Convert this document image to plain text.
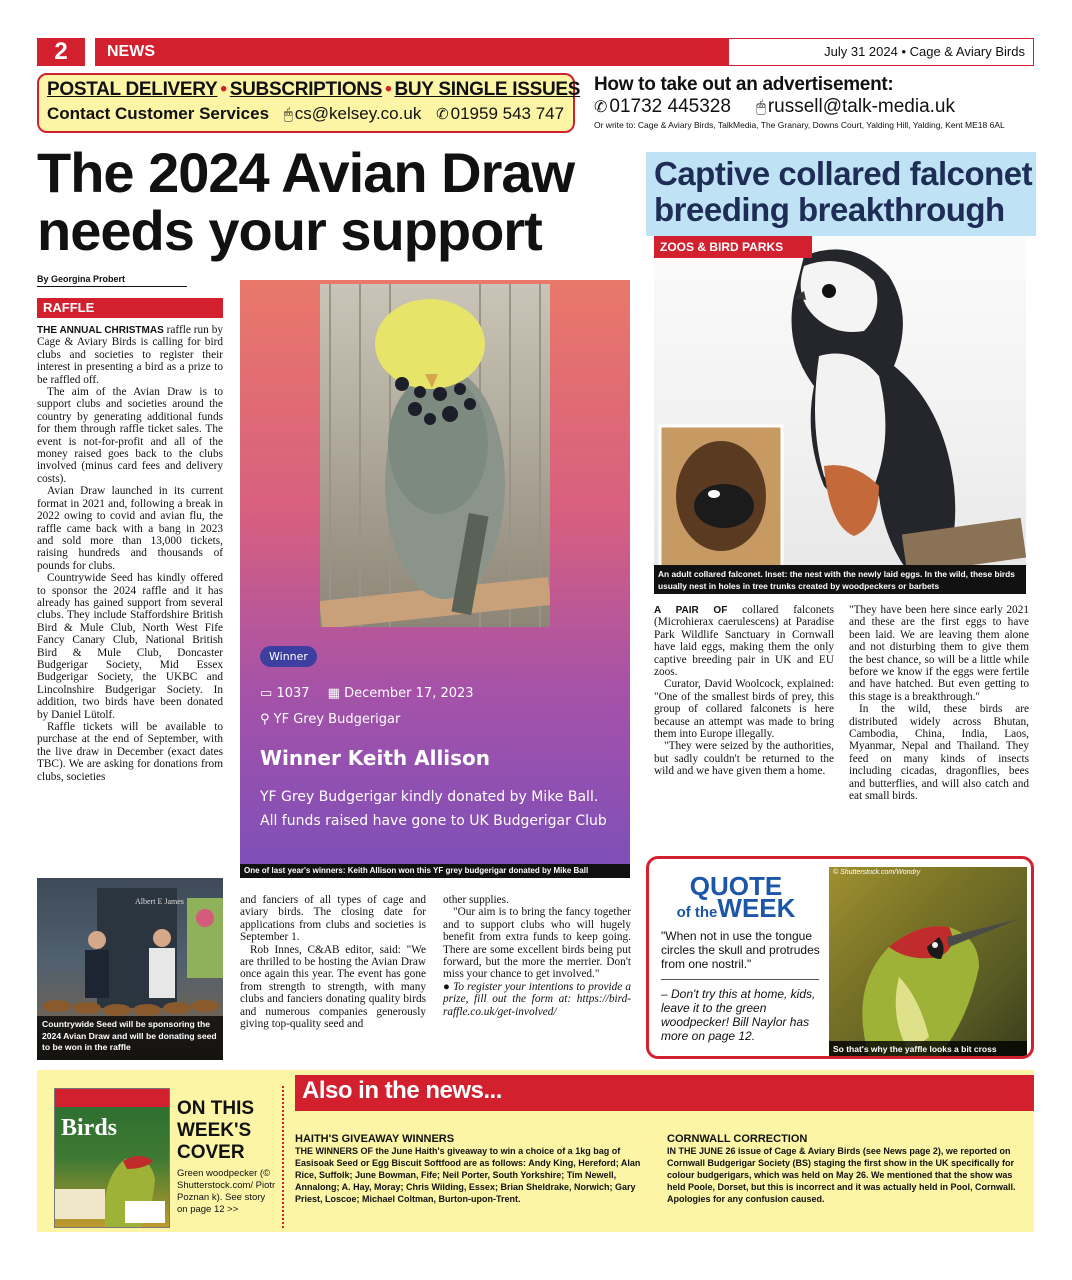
2	NEWS	July 31 2024 • Cage & Aviary Birds
POSTAL DELIVERY • SUBSCRIPTIONS • BUY SINGLE ISSUES
Contact Customer Services 🖱 cs@kelsey.co.uk ✆ 01959 543 747
How to take out an advertisement:
✆ 01732 445328 🖱 russell@talk-media.uk
Or write to: Cage & Aviary Birds, TalkMedia, The Granary, Downs Court, Yalding Hill, Yalding, Kent ME18 6AL
The 2024 Avian Draw needs your support
By Georgina Probert
RAFFLE

THE ANNUAL CHRISTMAS raffle run by Cage & Aviary Birds is calling for bird clubs and societies to register their interest in presenting a bird as a prize to be raffled off.

The aim of the Avian Draw is to support clubs and societies around the country by generating additional funds for them through raffle ticket sales. The event is not-for-profit and all of the money raised goes back to the clubs involved (minus card fees and delivery costs).

Avian Draw launched in its current format in 2021 and, following a break in 2022 owing to covid and avian flu, the raffle came back with a bang in 2023 and sold more than 13,000 tickets, raising hundreds and thousands of pounds for clubs.

Countrywide Seed has kindly offered to sponsor the 2024 raffle and it has already has gained support from several clubs. They include Staffordshire British Bird & Mule Club, North West Fife Fancy Canary Club, National British Bird & Mule Club, Doncaster Budgerigar Society, Mid Essex Budgerigar Society, the UKBC and Lincolnshire Budgerigar Society. In addition, two birds have been donated by Daniel Lütolf.

Raffle tickets will be available to purchase at the end of September, with the live draw in December (exact dates TBC). We are asking for donations from clubs, societies

Winner
▭ 1037 ▦ December 17, 2023
⚲ YF Grey Budgerigar
Winner Keith Allison
YF Grey Budgerigar kindly donated by Mike Ball. All funds raised have gone to UK Budgerigar Club
One of last year's winners: Keith Allison won this YF grey budgerigar donated by Mike Ball
Albert E James
Countrywide Seed will be sponsoring the 2024 Avian Draw and will be donating seed to be won in the raffle

and fanciers of all types of cage and aviary birds. The closing date for applications from clubs and societies is September 1.

Rob Innes, C&AB editor, said: "We are thrilled to be hosting the Avian Draw once again this year. The event has gone from strength to strength, with many clubs and fanciers donating quality birds and numerous companies generously giving top-quality seed and

other supplies.

"Our aim is to bring the fancy together and to support clubs who will hugely benefit from extra funds to keep going. There are some excellent birds being put forward, but the more the merrier. Don't miss your chance to get involved."

● To register your intentions to provide a prize, fill out the form at: https://bird-raffle.co.uk/get-involved/

Captive collared falconet breeding breakthrough
ZOOS & BIRD PARKS
An adult collared falconet. Inset: the nest with the newly laid eggs. In the wild, these birds usually nest in holes in tree trunks created by woodpeckers or barbets

A PAIR OF collared falconets (Microhierax caerulescens) at Paradise Park Wildlife Sanctuary in Cornwall have laid eggs, making them the only captive breeding pair in UK and EU zoos.

Curator, David Woolcock, explained: "One of the smallest birds of prey, this group of collared falconets is here because an attempt was made to bring them into Europe illegally.

"They were seized by the authorities, but sadly couldn't be returned to the wild and we have given them a home.

"They have been here since early 2021 and these are the first eggs to have been laid. We are leaving them alone and not disturbing them to give them the best chance, so will be a little while before we know if the eggs were fertile and have hatched. But even getting to this stage is a breakthrough."

In the wild, these birds are distributed widely across Bhutan, Cambodia, China, India, Laos, Myanmar, Nepal and Thailand. They feed on many kinds of insects including cicadas, dragonflies, bees and butterflies, and will also catch and eat small birds.

QUOTE
of theWEEK
"When not in use the tongue circles the skull and protrudes from one nostril."
– Don't try this at home, kids, leave it to the green woodpecker! Bill Naylor has more on page 12.
© Shutterstock.com/Wondry
So that's why the yaffle looks a bit cross
Birds
ON THIS WEEK'S COVER
Green woodpecker (© Shutterstock.com/ Piotr Poznan k). See story on page 12 >>
Also in the news...
HAITH'S GIVEAWAY WINNERS
THE WINNERS OF the June Haith's giveaway to win a choice of a 1kg bag of Easisoak Seed or Egg Biscuit Softfood are as follows: Andy King, Hereford; Alan Rice, Suffolk; June Bowman, Fife; Neil Porter, South Yorkshire; Tim Newell, Annalong; A. Hay, Moray; Chris Wilding, Essex; Brian Sheldrake, Norwich; Gary Priest, Loscoe; Michael Coltman, Burton-upon-Trent.
CORNWALL CORRECTION
IN THE JUNE 26 issue of Cage & Aviary Birds (see News page 2), we reported on Cornwall Budgerigar Society (BS) staging the first show in the UK specifically for colour budgerigars, which was held on May 26. We mentioned that the show was held Poole, Dorset, but this is incorrect and it was actually held in Pool, Cornwall. Apologies for any confusion caused.
